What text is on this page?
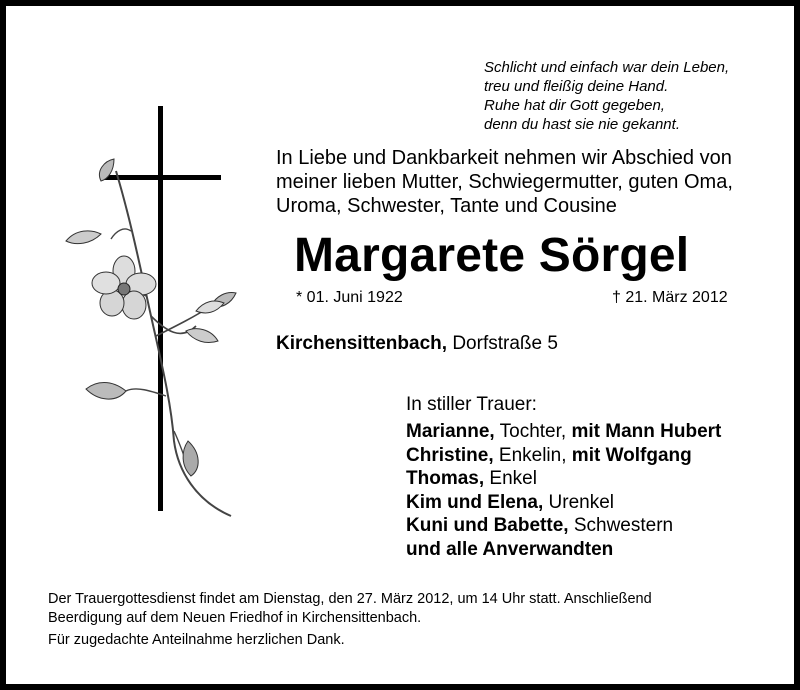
Schlicht und einfach war dein Leben,
treu und fleißig deine Hand.
Ruhe hat dir Gott gegeben,
denn du hast sie nie gekannt.
In Liebe und Dankbarkeit nehmen wir Abschied von
meiner lieben Mutter, Schwiegermutter, guten Oma,
Uroma, Schwester, Tante und Cousine
Margarete Sörgel
* 01. Juni 1922	† 21. März 2012
Kirchensittenbach, Dorfstraße 5
In stiller Trauer:
Marianne, Tochter, mit Mann Hubert
Christine, Enkelin, mit Wolfgang
Thomas, Enkel
Kim und Elena, Urenkel
Kuni und Babette, Schwestern
und alle Anverwandten
Der Trauergottesdienst findet am Dienstag, den 27. März 2012, um 14 Uhr statt. Anschließend
Beerdigung auf dem Neuen Friedhof in Kirchensittenbach.
Für zugedachte Anteilnahme herzlichen Dank.
